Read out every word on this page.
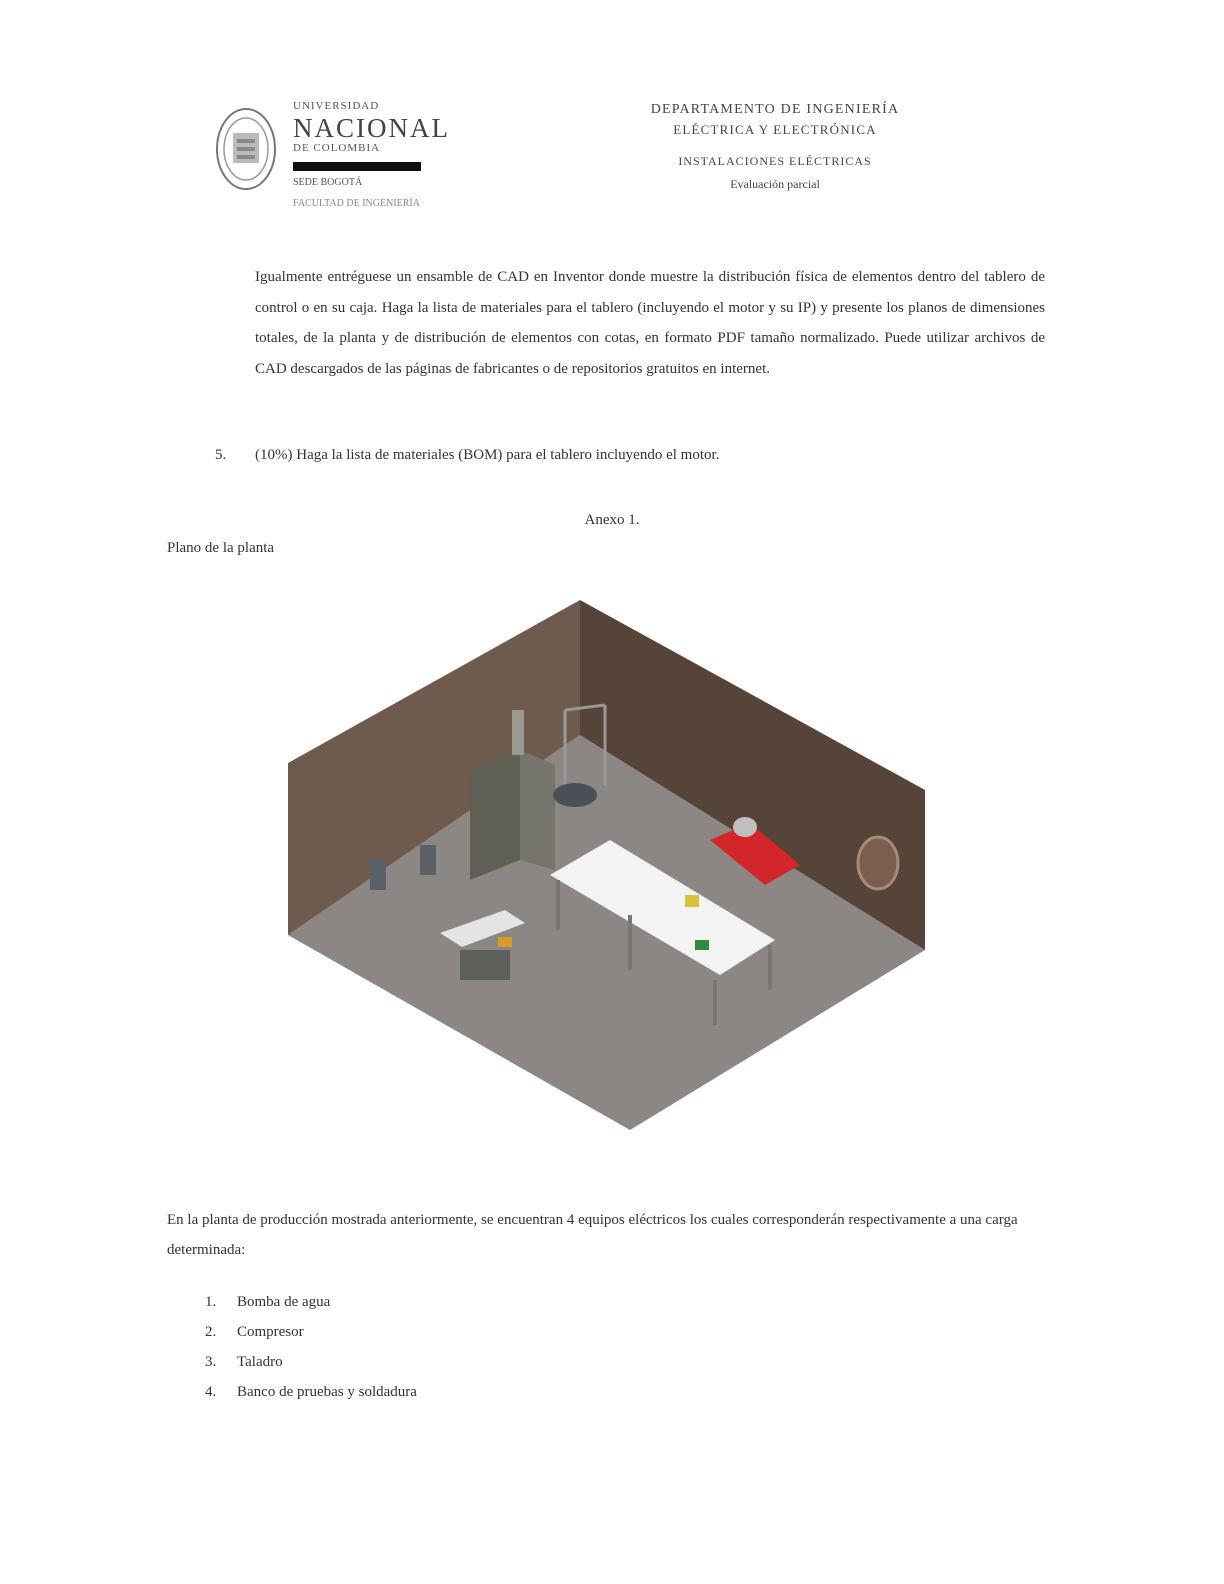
UNIVERSIDAD
NACIONAL
DE COLOMBIA
SEDE BOGOTÁ
FACULTAD DE INGENIERÍA
DEPARTAMENTO DE INGENIERÍA
ELÉCTRICA Y ELECTRÓNICA
INSTALACIONES ELÉCTRICAS
Evaluación parcial
Igualmente entréguese un ensamble de CAD en Inventor donde muestre la distribución física de elementos dentro del tablero de control o en su caja. Haga la lista de materiales para el tablero (incluyendo el motor y su IP) y presente los planos de dimensiones totales, de la planta y de distribución de elementos con cotas, en formato PDF tamaño normalizado. Puede utilizar archivos de CAD descargados de las páginas de fabricantes o de repositorios gratuitos en internet.
5. (10%) Haga la lista de materiales (BOM) para el tablero incluyendo el motor.
Anexo 1.
Plano de la planta
En la planta de producción mostrada anteriormente, se encuentran 4 equipos eléctricos los cuales corresponderán respectivamente a una carga determinada:
1. Bomba de agua
2. Compresor
3. Taladro
4. Banco de pruebas y soldadura
